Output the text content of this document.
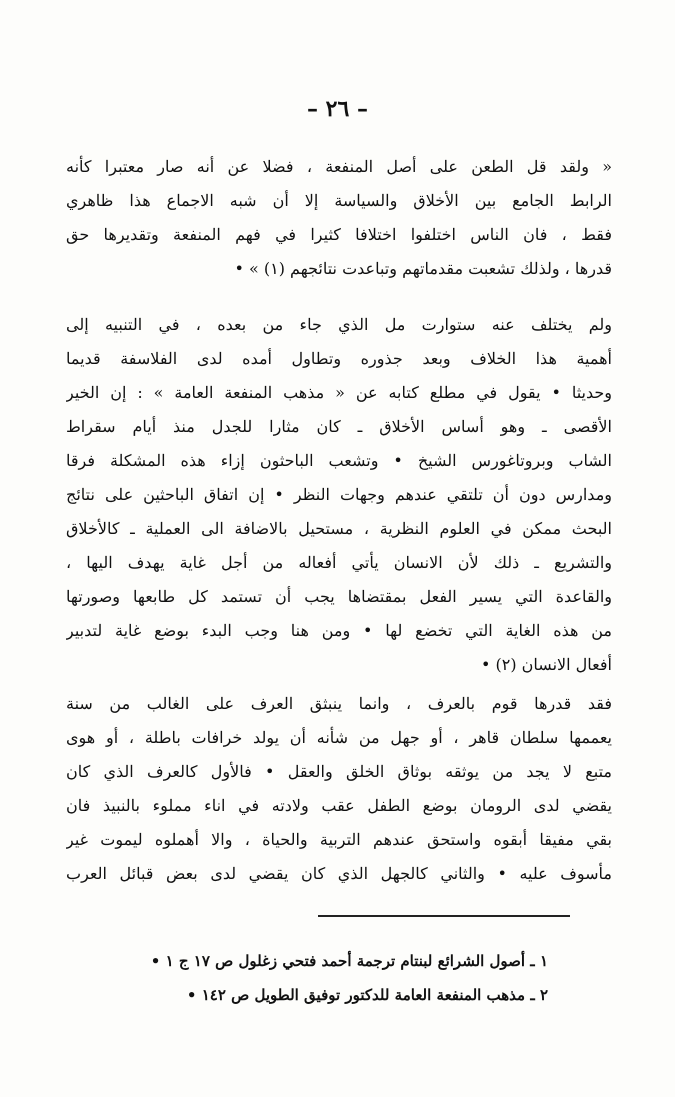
– ٢٦ –
« ولقد قل الطعن على أصل المنفعة ، فضلا عن أنه صار معتبرا كأنه
الرابط الجامع بين الأخلاق والسياسة إلا أن شبه الاجماع هذا ظاهري
فقط ، فان الناس اختلفوا اختلافا كثيرا في فهم المنفعة وتقديرها حق
قدرها ، ولذلك تشعبت مقدماتهم وتباعدت نتائجهم (١) » •
ولم يختلف عنه ستوارت مل الذي جاء من بعده ، في التنبيه إلى
أهمية هذا الخلاف وبعد جذوره وتطاول أمده لدى الفلاسفة قديما
وحديثا • يقول في مطلع كتابه عن « مذهب المنفعة العامة » : إن الخير
الأقصى ـ وهو أساس الأخلاق ـ كان مثارا للجدل منذ أيام سقراط
الشاب وبروتاغورس الشيخ • وتشعب الباحثون إزاء هذه المشكلة فرقا
ومدارس دون أن تلتقي عندهم وجهات النظر • إن اتفاق الباحثين على نتائج
البحث ممكن في العلوم النظرية ، مستحيل بالاضافة الى العملية ـ كالأخلاق
والتشريع ـ ذلك لأن الانسان يأتي أفعاله من أجل غاية يهدف اليها ،
والقاعدة التي يسير الفعل بمقتضاها يجب أن تستمد كل طابعها وصورتها
من هذه الغاية التي تخضع لها • ومن هنا وجب البدء بوضع غاية لتدبير
أفعال الانسان (٢) •
فقد قدرها قوم بالعرف ، وانما ينبثق العرف على الغالب من سنة
يعممها سلطان قاهر ، أو جهل من شأنه أن يولد خرافات باطلة ، أو هوى
متبع لا يجد من يوثقه بوثاق الخلق والعقل • فالأول كالعرف الذي كان
يقضي لدى الرومان بوضع الطفل عقب ولادته في اناء مملوء بالنبيذ فان
بقي مفيقا أبقوه واستحق عندهم التربية والحياة ، والا أهملوه ليموت غير
مأسوف عليه • والثاني كالجهل الذي كان يقضي لدى بعض قبائل العرب
١ ـ أصول الشرائع لبنتام ترجمة أحمد فتحي زغلول ص ١٧ ج ١ •
٢ ـ مذهب المنفعة العامة للدكتور توفيق الطويل ص ١٤٢ •
